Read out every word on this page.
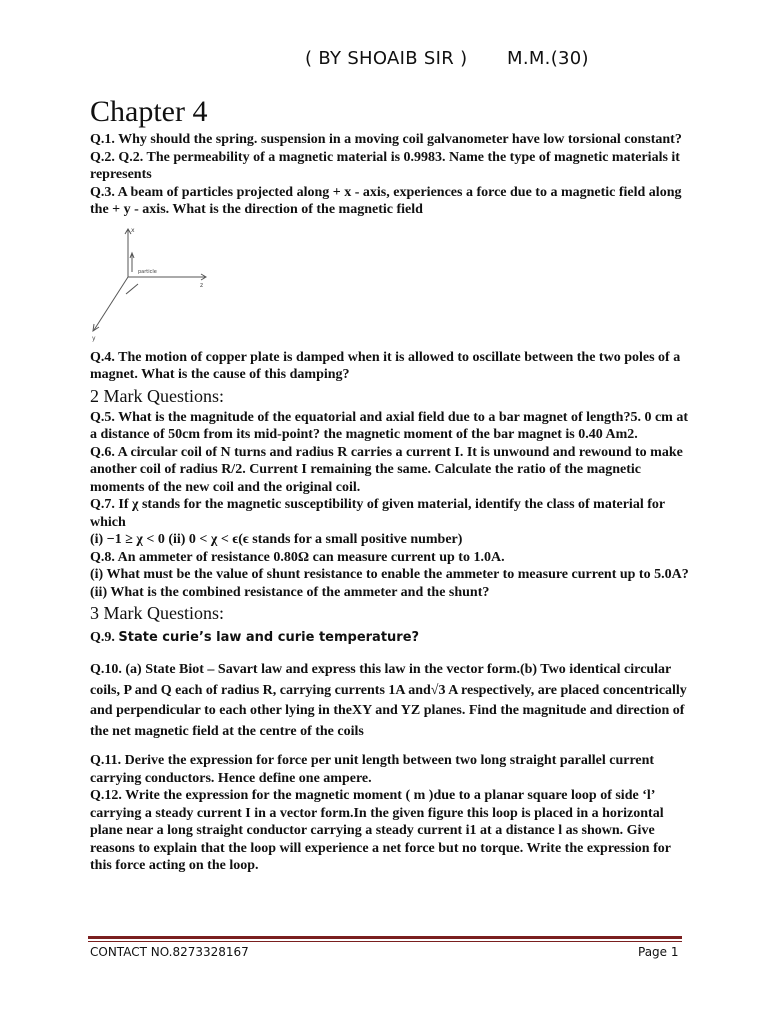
( BY SHOAIB SIR ) M.M.(30)
Chapter 4

Q.1. Why should the spring. suspension in a moving coil galvanometer have low torsional constant?

Q.2. Q.2. The permeability of a magnetic material is 0.9983. Name the type of magnetic materials it represents

Q.3. A beam of particles projected along + x - axis, experiences a force due to a magnetic field along the + y - axis. What is the direction of the magnetic field

x
particle
z
y

Q.4. The motion of copper plate is damped when it is allowed to oscillate between the two poles of a magnet. What is the cause of this damping?

2 Mark Questions:

Q.5. What is the magnitude of the equatorial and axial field due to a bar magnet of length?5. 0 cm at a distance of 50cm from its mid-point? the magnetic moment of the bar magnet is 0.40 Am2.

Q.6. A circular coil of N turns and radius R carries a current I. It is unwound and rewound to make another coil of radius R/2. Current I remaining the same. Calculate the ratio of the magnetic moments of the new coil and the original coil.

Q.7. If χ stands for the magnetic susceptibility of given material, identify the class of material for which

(i) −1 ≥ χ < 0 (ii) 0 < χ < ϵ(ϵ stands for a small positive number)

Q.8. An ammeter of resistance 0.80Ω can measure current up to 1.0A.

(i) What must be the value of shunt resistance to enable the ammeter to measure current up to 5.0A?

(ii) What is the combined resistance of the ammeter and the shunt?

3 Mark Questions:

Q.9. State curie’s law and curie temperature?

Q.10. (a) State Biot – Savart law and express this law in the vector form.(b) Two identical circular coils, P and Q each of radius R, carrying currents 1A and√3 A respectively, are placed concentrically and perpendicular to each other lying in theXY and YZ planes. Find the magnitude and direction of the net magnetic field at the centre of the coils

Q.11. Derive the expression for force per unit length between two long straight parallel current carrying conductors. Hence define one ampere.

Q.12. Write the expression for the magnetic moment ( m )due to a planar square loop of side ‘l’ carrying a steady current I in a vector form.In the given figure this loop is placed in a horizontal plane near a long straight conductor carrying a steady current i1 at a distance l as shown. Give reasons to explain that the loop will experience a net force but no torque. Write the expression for this force acting on the loop.

CONTACT NO.8273328167	Page 1
